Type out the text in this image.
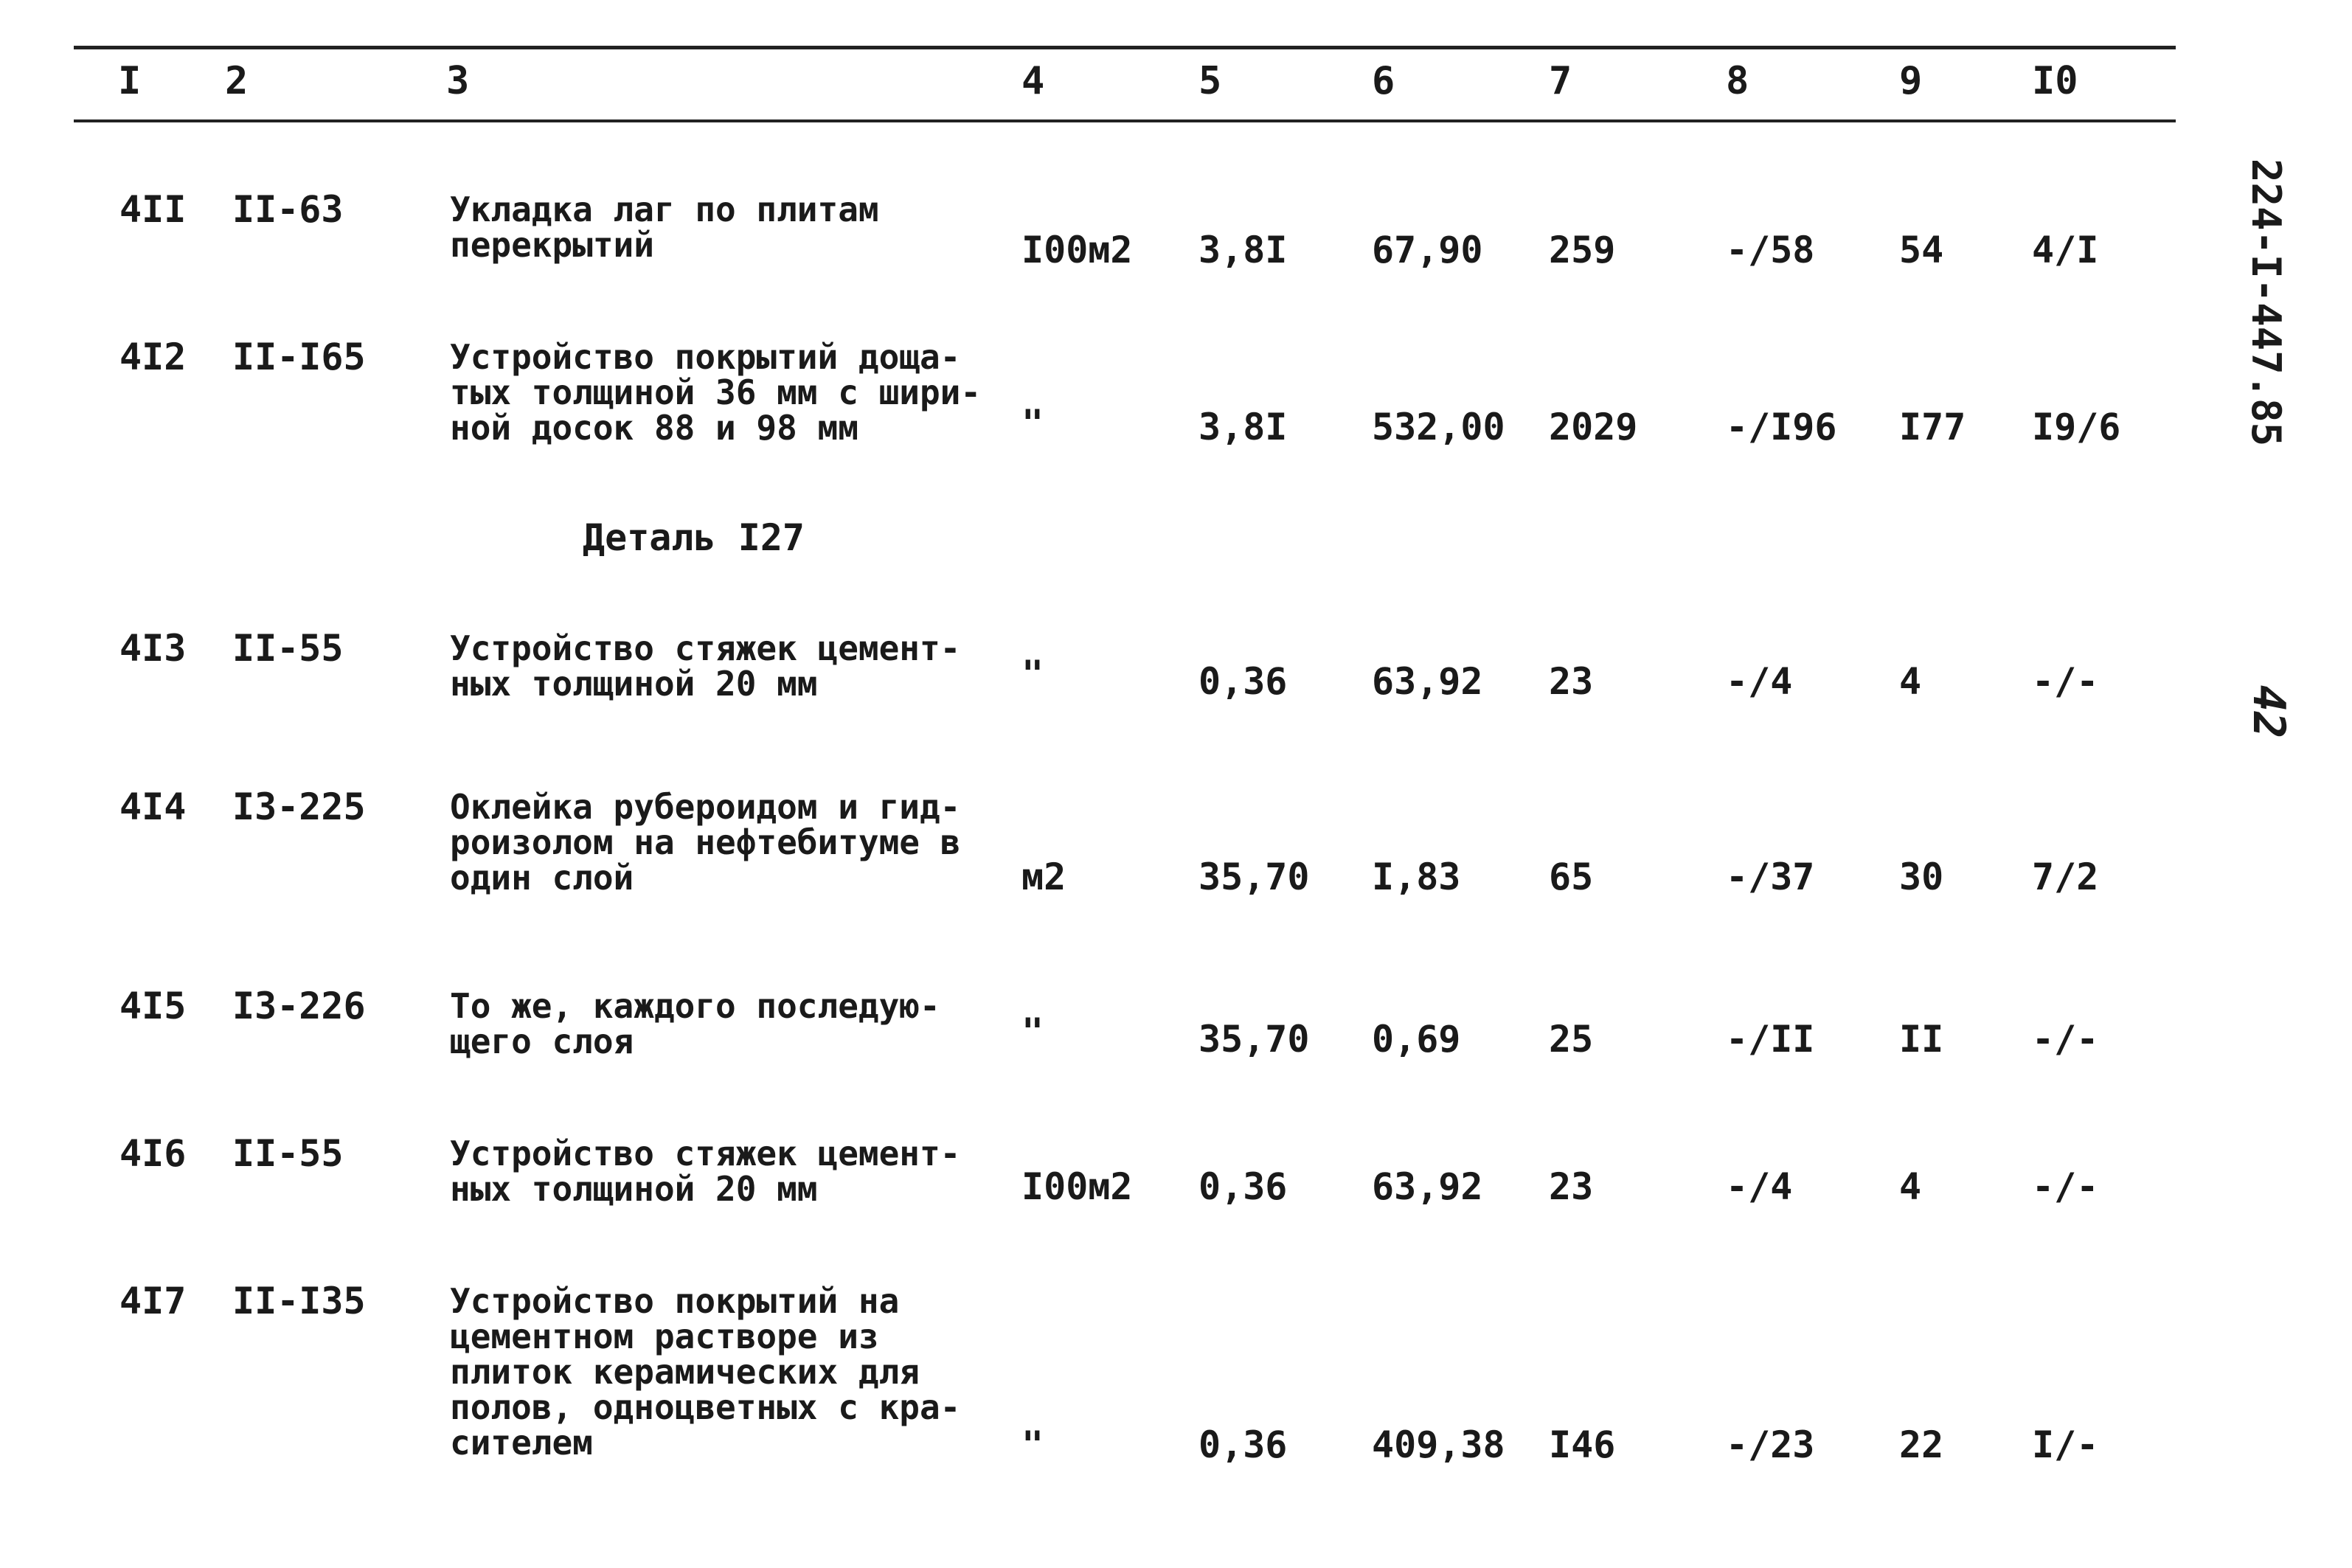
I 2	3	4	5	6	7	8	9	I0
4II II-63	Укладка лаг по плитам
перекрытий	I00м2 3,8I 67,90 259	-/58 54 4/I
4I2 II-I65 Устройство покрытий доща-
тых толщиной 36 мм с шири-
ной досок 88 и 98 мм	"	3,8I 532,00 2029 -/I96 I77 I9/6
Деталь I27
4I3 II-55	Устройство стяжек цемент-
ных толщиной 20 мм	"	0,36 63,92 23	-/4	4	-/-
4I4 I3-225 Оклейка рубероидом и гид-
роизолом на нефтебитуме в
один слой	м2	35,70 I,83 65	-/37 30 7/2
4I5 I3-226 То же, каждого последую-
щего слоя	"	35,70 0,69 25	-/II II -/-
4I6 II-55	Устройство стяжек цемент-
ных толщиной 20 мм	I00м2 0,36 63,92 23	-/4	4	-/-
4I7 II-I35 Устройство покрытий на
цементном растворе из
плиток керамических для
полов, одноцветных с кра-
сителем	"	0,36 409,38 I46	-/23 22 I/-
224-I-447.85
42
